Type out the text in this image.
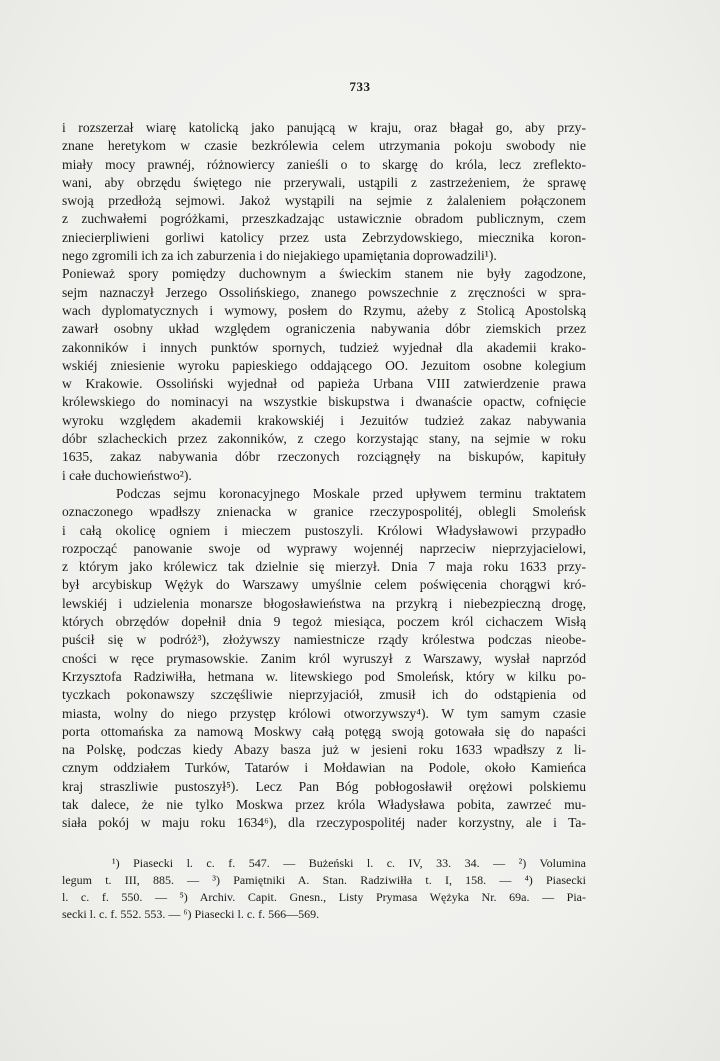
733
i rozszerzał wiarę katolicką jako panującą w kraju, oraz błagał go, aby przy-
znane heretykom w czasie bezkrólewia celem utrzymania pokoju swobody nie
miały mocy prawnéj, różnowiercy zanieśli o to skargę do króla, lecz zreflekto-
wani, aby obrzędu świętego nie przerywali, ustąpili z zastrzeżeniem, że sprawę
swoją przedłożą sejmowi. Jakoż wystąpili na sejmie z żalaleniem połączonem
z zuchwałemi pogróżkami, przeszkadzając ustawicznie obradom publicznym, czem
zniecierpliwieni gorliwi katolicy przez usta Zebrzydowskiego, miecznika koron-
nego zgromili ich za ich zaburzenia i do niejakiego upamiętania doprowadzili¹).
Ponieważ spory pomiędzy duchownym a świeckim stanem nie były zagodzone,
sejm naznaczył Jerzego Ossolińskiego, znanego powszechnie z zręczności w spra-
wach dyplomatycznych i wymowy, posłem do Rzymu, ażeby z Stolicą Apostolską
zawarł osobny układ względem ograniczenia nabywania dóbr ziemskich przez
zakonników i innych punktów spornych, tudzież wyjednał dla akademii krako-
wskiéj zniesienie wyroku papieskiego oddającego OO. Jezuitom osobne kolegium
w Krakowie. Ossoliński wyjednał od papieża Urbana VIII zatwierdzenie prawa
królewskiego do nominacyi na wszystkie biskupstwa i dwanaście opactw, cofnięcie
wyroku względem akademii krakowskiéj i Jezuitów tudzież zakaz nabywania
dóbr szlacheckich przez zakonników, z czego korzystając stany, na sejmie w roku
1635, zakaz nabywania dóbr rzeczonych rozciągnęły na biskupów, kapituły
i całe duchowieństwo²).
Podczas sejmu koronacyjnego Moskale przed upływem terminu traktatem
oznaczonego wpadłszy znienacka w granice rzeczypospolitéj, oblegli Smoleńsk
i całą okolicę ogniem i mieczem pustoszyli. Królowi Władysławowi przypadło
rozpocząć panowanie swoje od wyprawy wojennéj naprzeciw nieprzyjacielowi,
z którym jako królewicz tak dzielnie się mierzył. Dnia 7 maja roku 1633 przy-
był arcybiskup Wężyk do Warszawy umyślnie celem poświęcenia chorągwi kró-
lewskiéj i udzielenia monarsze błogosławieństwa na przykrą i niebezpieczną drogę,
których obrzędów dopełnił dnia 9 tegoż miesiąca, poczem król cichaczem Wisłą
puścił się w podróż³), złożywszy namiestnicze rządy królestwa podczas nieobe-
cności w ręce prymasowskie. Zanim król wyruszył z Warszawy, wysłał naprzód
Krzysztofa Radziwiłła, hetmana w. litewskiego pod Smoleńsk, który w kilku po-
tyczkach pokonawszy szczęśliwie nieprzyjaciół, zmusił ich do odstąpienia od
miasta, wolny do niego przystęp królowi otworzywszy⁴). W tym samym czasie
porta ottomańska za namową Moskwy całą potęgą swoją gotowała się do napaści
na Polskę, podczas kiedy Abazy basza już w jesieni roku 1633 wpadłszy z li-
cznym oddziałem Turków, Tatarów i Mołdawian na Podole, około Kamieńca
kraj straszliwie pustoszył⁵). Lecz Pan Bóg pobłogosławił orężowi polskiemu
tak dalece, że nie tylko Moskwa przez króla Władysława pobita, zawrzeć mu-
siała pokój w maju roku 1634⁶), dla rzeczypospolitéj nader korzystny, ale i Ta-
¹) Piasecki l. c. f. 547. — Bużeński l. c. IV, 33. 34. — ²) Volumina
legum t. III, 885. — ³) Pamiętniki A. Stan. Radziwiłła t. I, 158. — ⁴) Piasecki
l. c. f. 550. — ⁵) Archiv. Capit. Gnesn., Listy Prymasa Wężyka Nr. 69a. — Pia-
secki l. c. f. 552. 553. — ⁶) Piasecki l. c. f. 566—569.
